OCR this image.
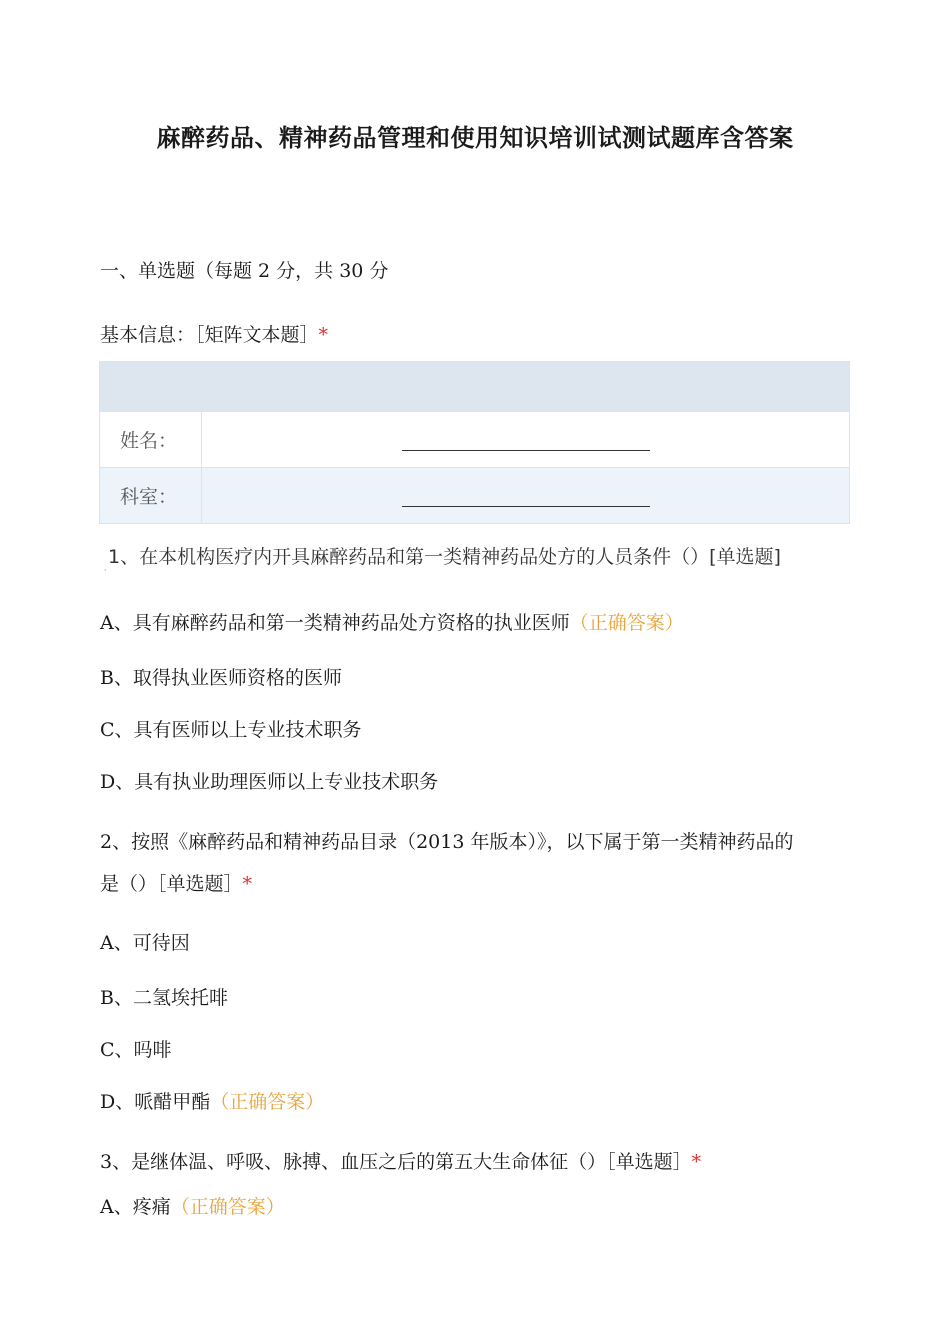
麻醉药品、精神药品管理和使用知识培训试测试题库含答案
一、单选题（每题 2 分，共 30 分
基本信息：［矩阵文本题］*

姓名：	
科室：	
1、在本机构医疗内开具麻醉药品和第一类精神药品处方的人员条件（）[单选题]
·
A、具有麻醉药品和第一类精神药品处方资格的执业医师（正确答案）
B、取得执业医师资格的医师
C、具有医师以上专业技术职务
D、具有执业助理医师以上专业技术职务
2、按照《麻醉药品和精神药品目录（2013 年版本）》，以下属于第一类精神药品的
是（）［单选题］*
A、可待因
B、二氢埃托啡
C、吗啡
D、哌醋甲酯（正确答案）
3、是继体温、呼吸、脉搏、血压之后的第五大生命体征（）［单选题］*
A、疼痛（正确答案）
